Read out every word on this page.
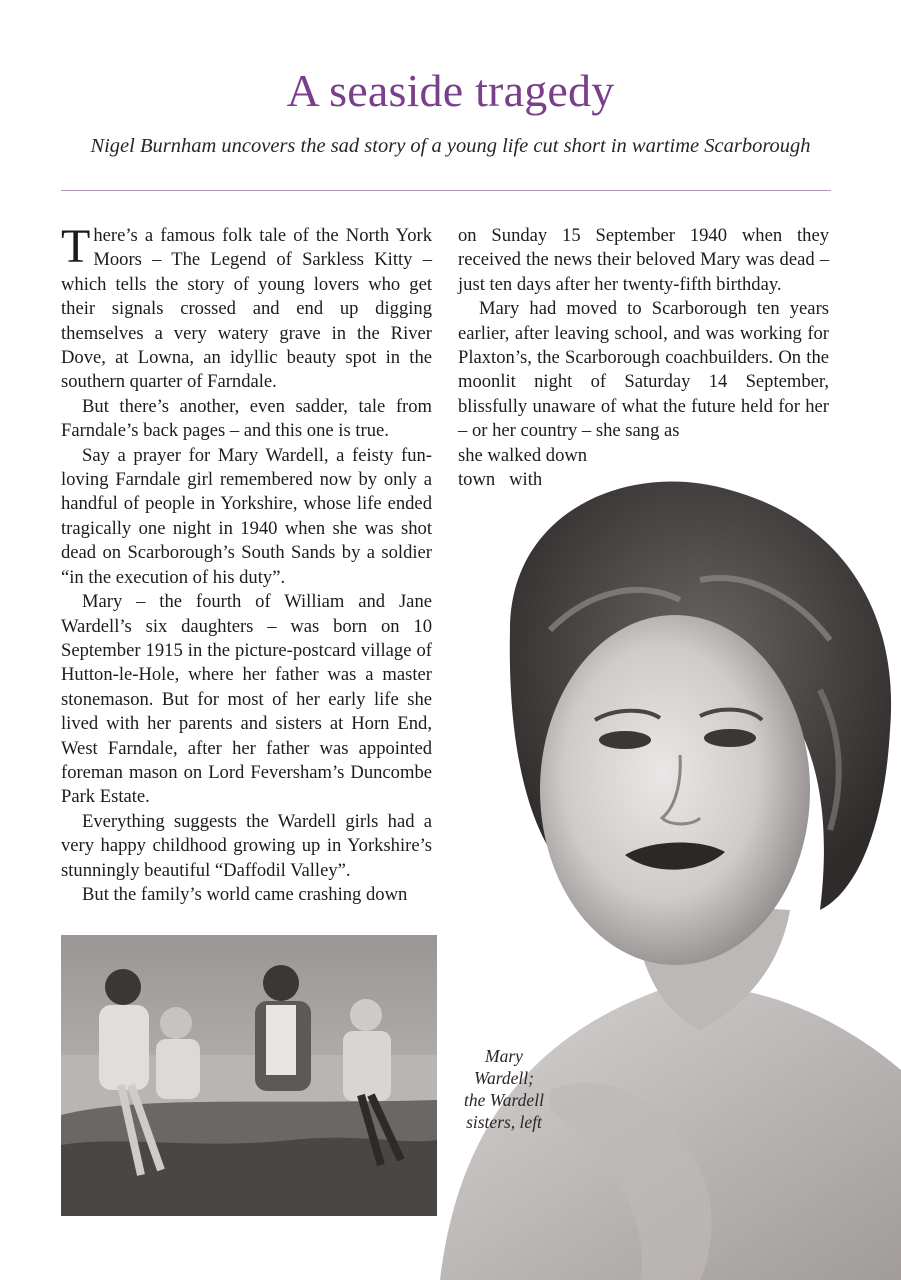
A seaside tragedy

Nigel Burnham uncovers the sad story of a young life cut short in wartime Scarborough

There’s a famous folk tale of the North York Moors – The Legend of Sarkless Kitty – which tells the story of young lovers who get their signals crossed and end up digging themselves a very watery grave in the River Dove, at Lowna, an idyllic beauty spot in the southern quarter of Farndale.

But there’s another, even sadder, tale from Farndale’s back pages – and this one is true.

Say a prayer for Mary Wardell, a feisty fun-loving Farndale girl remembered now by only a handful of people in Yorkshire, whose life ended tragically one night in 1940 when she was shot dead on Scarborough’s South Sands by a soldier “in the execution of his duty”.

Mary – the fourth of William and Jane Wardell’s six daughters – was born on 10 September 1915 in the picture-postcard village of Hutton-le-Hole, where her father was a master stonemason. But for most of her early life she lived with her parents and sisters at Horn End, West Farndale, after her father was appointed foreman mason on Lord Feversham’s Duncombe Park Estate.

Everything suggests the Wardell girls had a very happy childhood growing up in Yorkshire’s stunningly beautiful “Daffodil Valley”.

But the family’s world came crashing down

on Sunday 15 September 1940 when they received the news their beloved Mary was dead – just ten days after her twenty-fifth birthday.

Mary had moved to Scarborough ten years earlier, after leaving school, and was working for Plaxton’s, the Scarborough coachbuilders. On the moonlit night of Saturday 14 September, blissfully unaware of what the future held for her – or her country – she sang as

she walked down

town   with

Mary
Wardell;
the Wardell
sisters, left
